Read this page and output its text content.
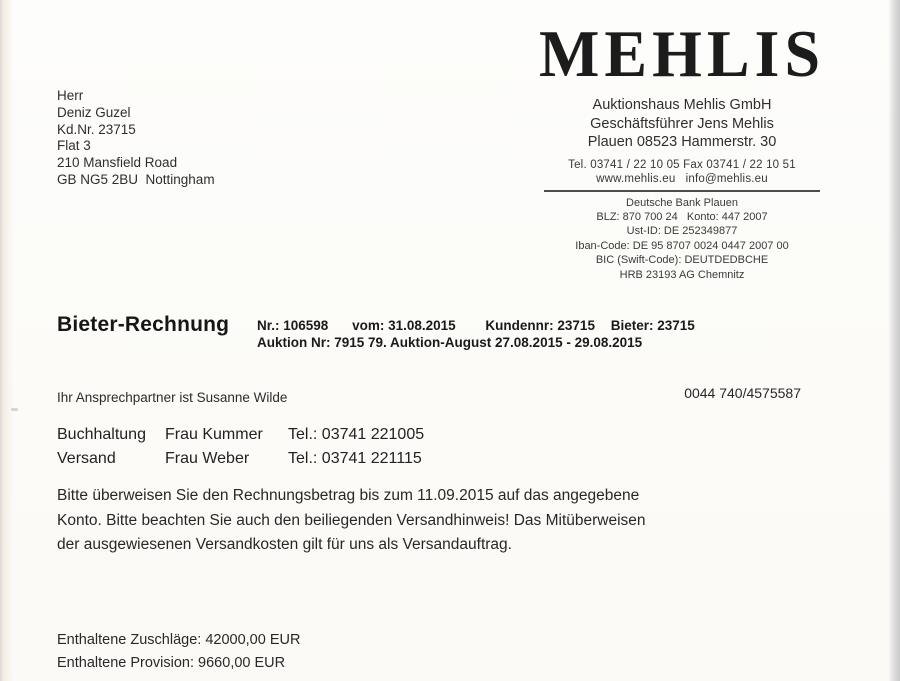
Herr
Deniz Guzel
Kd.Nr. 23715
Flat 3
210 Mansfield Road
GB NG5 2BU  Nottingham
MEHLIS
Auktionshaus Mehlis GmbH
Geschäftsführer Jens Mehlis
Plauen 08523 Hammerstr. 30
Tel. 03741 / 22 10 05 Fax 03741 / 22 10 51
www.mehlis.eu   info@mehlis.eu
Deutsche Bank Plauen
BLZ: 870 700 24   Konto: 447 2007
Ust-ID: DE 252349877
Iban-Code: DE 95 8707 0024 0447 2007 00
BIC (Swift-Code): DEUTDEDBCHE
HRB 23193 AG Chemnitz
Bieter-Rechnung Nr.: 106598 vom: 31.08.2015 Kundennr: 23715 Bieter: 23715
Auktion Nr: 7915 79. Auktion-August 27.08.2015 - 29.08.2015
0044 740/4575587
Ihr Ansprechpartner ist Susanne Wilde
Buchhaltung	Frau Kummer	Tel.: 03741 221005
Versand	Frau Weber	Tel.: 03741 221115
Bitte überweisen Sie den Rechnungsbetrag bis zum 11.09.2015 auf das angegebene
Konto. Bitte beachten Sie auch den beiliegenden Versandhinweis! Das Mitüberweisen
der ausgewiesenen Versandkosten gilt für uns als Versandauftrag.
Enthaltene Zuschläge: 42000,00 EUR
Enthaltene Provision: 9660,00 EUR
